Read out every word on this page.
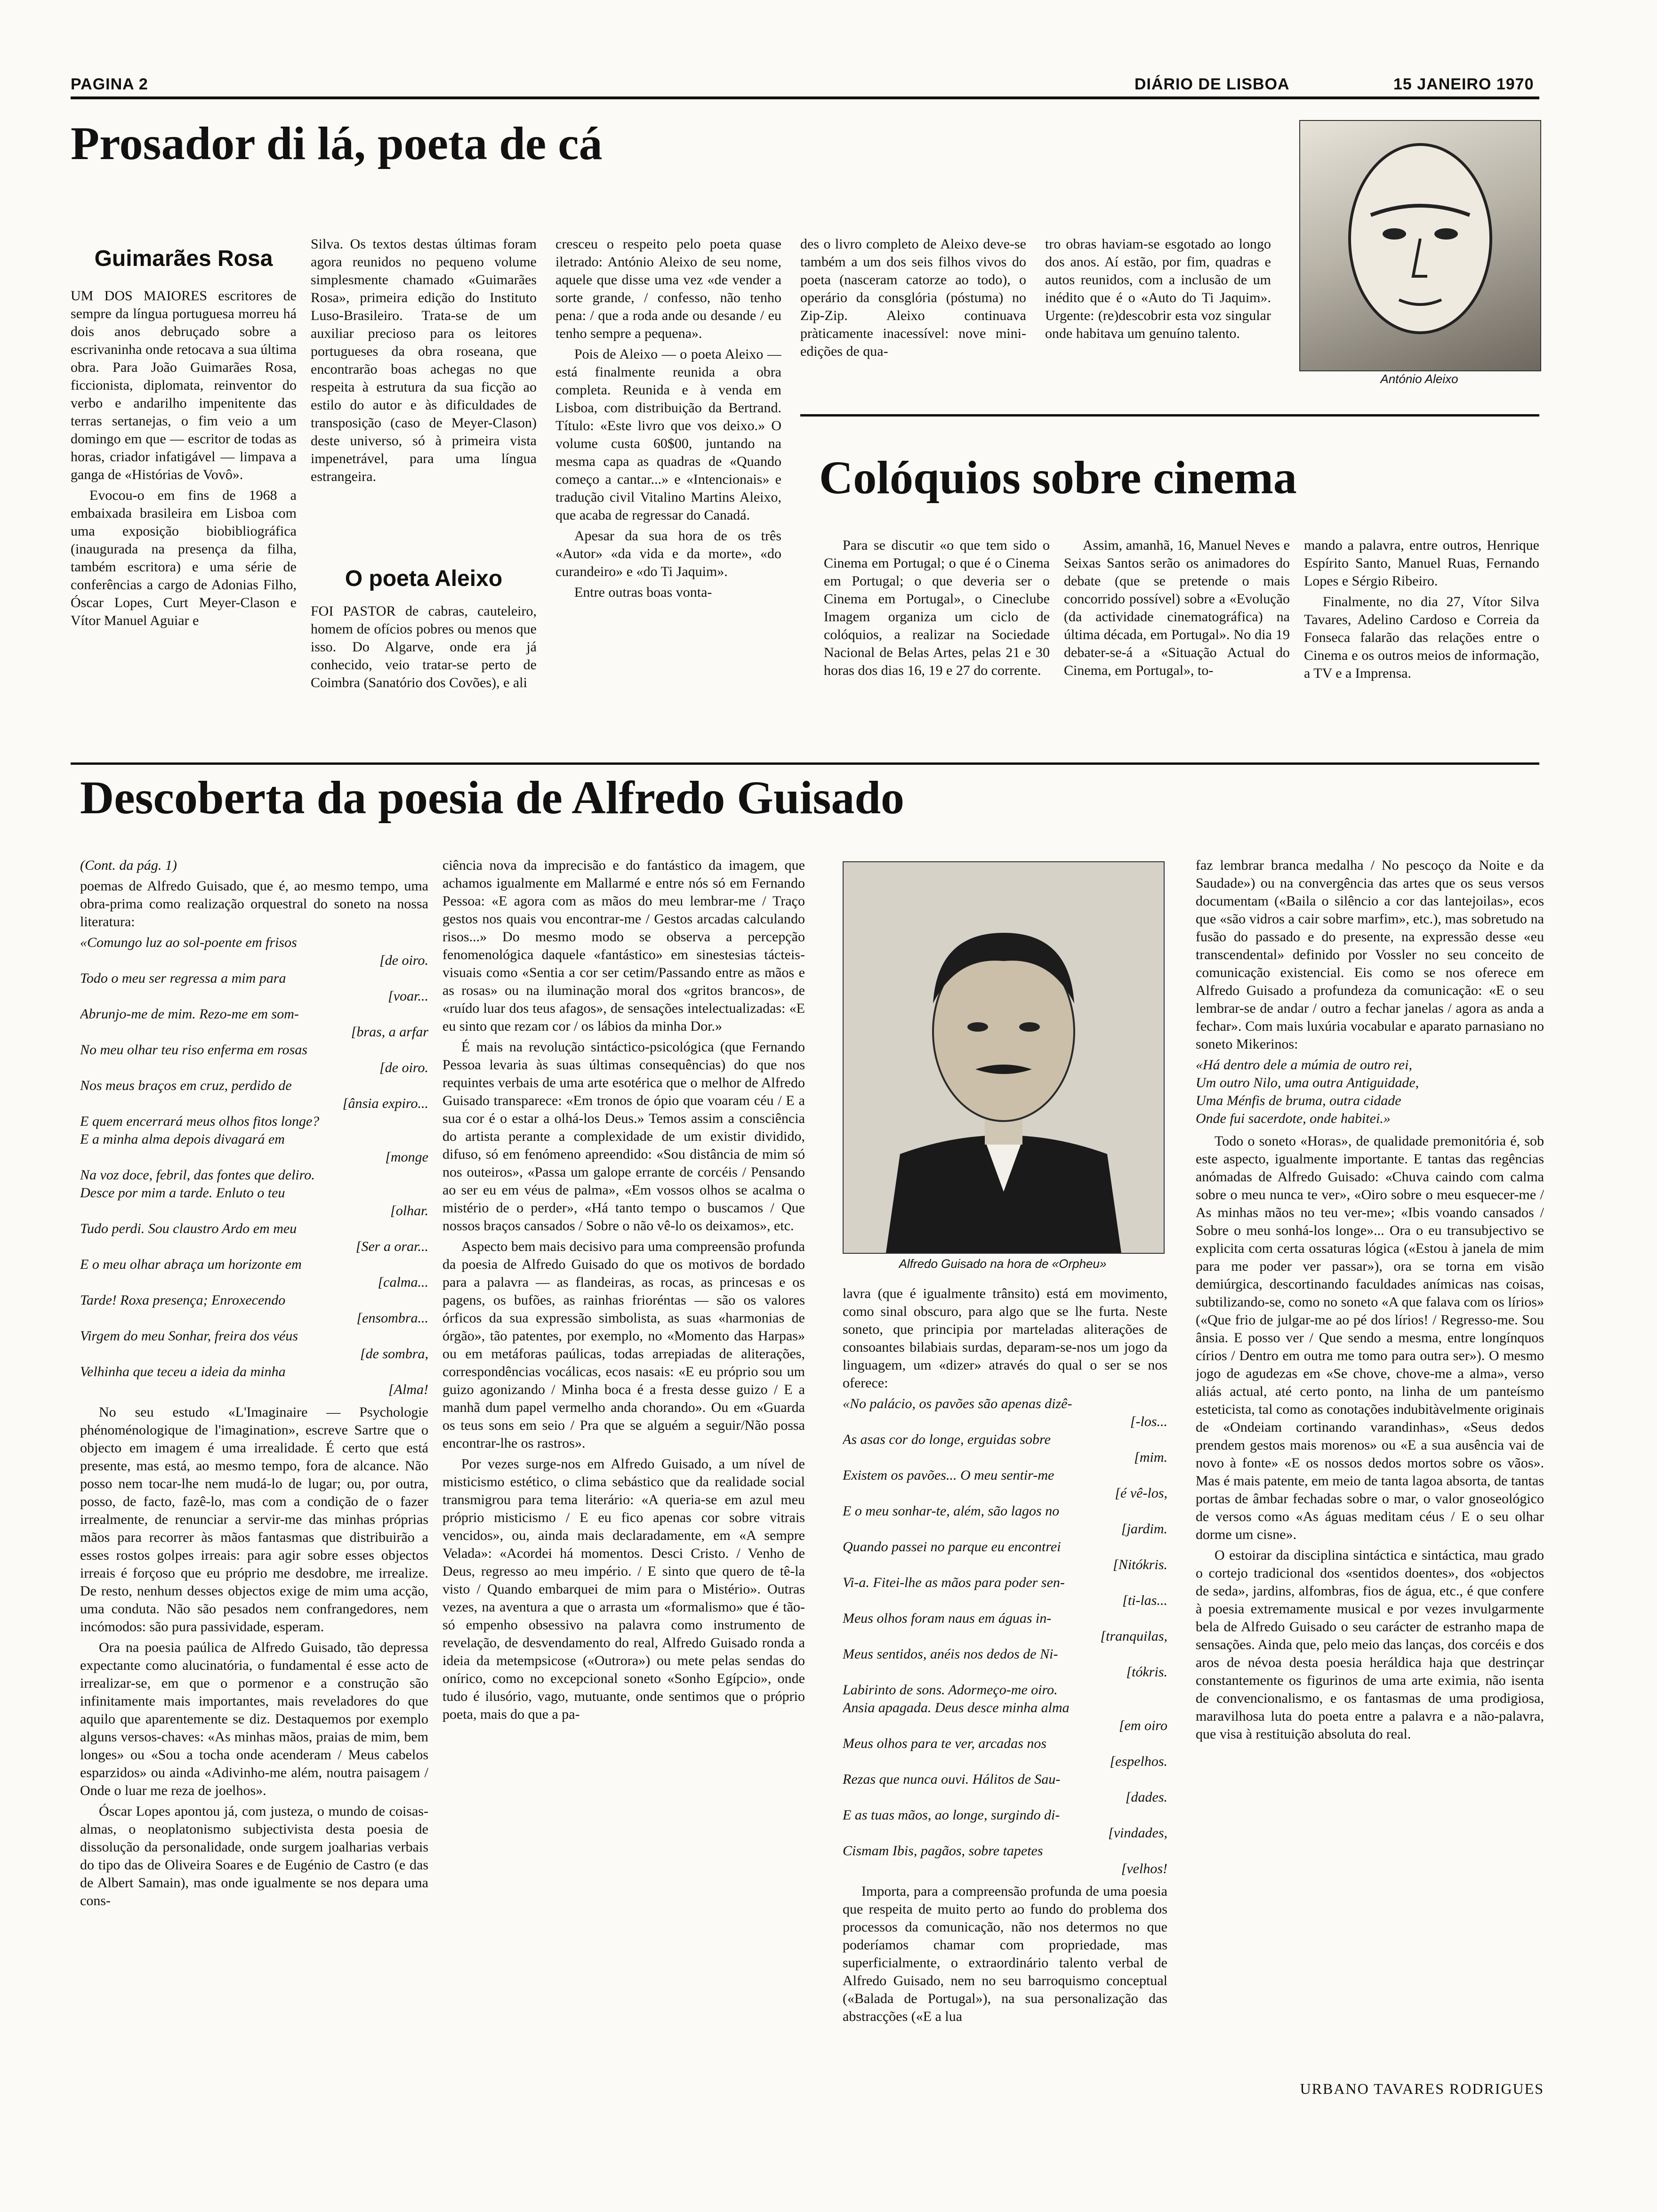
PAGINA 2	DIÁRIO DE LISBOA	15 JANEIRO 1970
Prosador di lá, poeta de cá
Guimarães Rosa

UM DOS MAIORES escritores de sempre da língua portuguesa morreu há dois anos debruçado sobre a escrivaninha onde retocava a sua última obra. Para João Guimarães Rosa, ficcionista, diplomata, reinventor do verbo e andarilho impenitente das terras sertanejas, o fim veio a um domingo em que — escritor de todas as horas, criador infatigável — limpava a ganga de «Histórias de Vovô».

Evocou-o em fins de 1968 a embaixada brasileira em Lisboa com uma exposição biobibliográfica (inaugurada na presença da filha, também escritora) e uma série de conferências a cargo de Adonias Filho, Óscar Lopes, Curt Meyer-Clason e Vítor Manuel Aguiar e

Silva. Os textos destas últimas foram agora reunidos no pequeno volume simplesmente chamado «Guimarães Rosa», primeira edição do Instituto Luso-Brasileiro. Trata-se de um auxiliar precioso para os leitores portugueses da obra roseana, que encontrarão boas achegas no que respeita à estrutura da sua ficção ao estilo do autor e às dificuldades de transposição (caso de Meyer-Clason) deste universo, só à primeira vista impenetrável, para uma língua estrangeira.

O poeta Aleixo

FOI PASTOR de cabras, cauteleiro, homem de ofícios pobres ou menos que isso. Do Algarve, onde era já conhecido, veio tratar-se perto de Coimbra (Sanatório dos Covões), e ali

cresceu o respeito pelo poeta quase iletrado: António Aleixo de seu nome, aquele que disse uma vez «de vender a sorte grande, / confesso, não tenho pena: / que a roda ande ou desande / eu tenho sempre a pequena».

Pois de Aleixo — o poeta Aleixo — está finalmente reunida a obra completa. Reunida e à venda em Lisboa, com distribuição da Bertrand. Título: «Este livro que vos deixo.» O volume custa 60$00, juntando na mesma capa as quadras de «Quando começo a cantar...» e «Intencionais» e tradução civil Vitalino Martins Aleixo, que acaba de regressar do Canadá.

Apesar da sua hora de os três «Autor» «da vida e da morte», «do curandeiro» e «do Ti Jaquim».

Entre outras boas vonta-

des o livro completo de Aleixo deve-se também a um dos seis filhos vivos do poeta (nasceram catorze ao todo), o operário da consglória (póstuma) no Zip-Zip. Aleixo continuava pràticamente inacessível: nove mini-edições de qua-

tro obras haviam-se esgotado ao longo dos anos. Aí estão, por fim, quadras e autos reunidos, com a inclusão de um inédito que é o «Auto do Ti Jaquim». Urgente: (re)descobrir esta voz singular onde habitava um genuíno talento.

António Aleixo
Colóquios sobre cinema

Para se discutir «o que tem sido o Cinema em Portugal; o que é o Cinema em Portugal; o que deveria ser o Cinema em Portugal», o Cineclube Imagem organiza um ciclo de colóquios, a realizar na Sociedade Nacional de Belas Artes, pelas 21 e 30 horas dos dias 16, 19 e 27 do corrente.

Assim, amanhã, 16, Manuel Neves e Seixas Santos serão os animadores do debate (que se pretende o mais concorrido possível) sobre a «Evolução (da actividade cinematográfica) na última década, em Portugal». No dia 19 debater-se-á a «Situação Actual do Cinema, em Portugal», to-

mando a palavra, entre outros, Henrique Espírito Santo, Manuel Ruas, Fernando Lopes e Sérgio Ribeiro.

Finalmente, no dia 27, Vítor Silva Tavares, Adelino Cardoso e Correia da Fonseca falarão das relações entre o Cinema e os outros meios de informação, a TV e a Imprensa.

Descoberta da poesia de Alfredo Guisado

(Cont. da pág. 1)

poemas de Alfredo Guisado, que é, ao mesmo tempo, uma obra-prima como realização orquestral do soneto na nossa literatura:

«Comungo luz ao sol-poente em frisos
[de oiro.
Todo o meu ser regressa a mim para
[voar...
Abrunjo-me de mim. Rezo-me em som-
[bras, a arfar
No meu olhar teu riso enferma em rosas
[de oiro.
Nos meus braços em cruz, perdido de
[ânsia expiro...
E quem encerrará meus olhos fitos longe?
E a minha alma depois divagará em
[monge
Na voz doce, febril, das fontes que deliro.
Desce por mim a tarde. Enluto o teu
[olhar.
Tudo perdi. Sou claustro Ardo em meu
[Ser a orar...
E o meu olhar abraça um horizonte em
[calma...
Tarde! Roxa presença; Enroxecendo
[ensombra...
Virgem do meu Sonhar, freira dos véus
[de sombra,
Velhinha que teceu a ideia da minha
[Alma!

No seu estudo «L'Imaginaire — Psychologie phénoménologique de l'imagination», escreve Sartre que o objecto em imagem é uma irrealidade. É certo que está presente, mas está, ao mesmo tempo, fora de alcance. Não posso nem tocar-lhe nem mudá-lo de lugar; ou, por outra, posso, de facto, fazê-lo, mas com a condição de o fazer irrealmente, de renunciar a servir-me das minhas próprias mãos para recorrer às mãos fantasmas que distribuirão a esses rostos golpes irreais: para agir sobre esses objectos irreais é forçoso que eu próprio me desdobre, me irrealize. De resto, nenhum desses objectos exige de mim uma acção, uma conduta. Não são pesados nem confrangedores, nem incómodos: são pura passividade, esperam.

Ora na poesia paúlica de Alfredo Guisado, tão depressa expectante como alucinatória, o fundamental é esse acto de irrealizar-se, em que o pormenor e a construção são infinitamente mais importantes, mais reveladores do que aquilo que aparentemente se diz. Destaquemos por exemplo alguns versos-chaves: «As minhas mãos, praias de mim, bem longes» ou «Sou a tocha onde acenderam / Meus cabelos esparzidos» ou ainda «Adivinho-me além, noutra paisagem / Onde o luar me reza de joelhos».

Óscar Lopes apontou já, com justeza, o mundo de coisas-almas, o neoplatonismo subjectivista desta poesia de dissolução da personalidade, onde surgem joalharias verbais do tipo das de Oliveira Soares e de Eugénio de Castro (e das de Albert Samain), mas onde igualmente se nos depara uma cons-

ciência nova da imprecisão e do fantástico da imagem, que achamos igualmente em Mallarmé e entre nós só em Fernando Pessoa: «E agora com as mãos do meu lembrar-me / Traço gestos nos quais vou encontrar-me / Gestos arcadas calculando risos...» Do mesmo modo se observa a percepção fenomenológica daquele «fantástico» em sinestesias tácteis-visuais como «Sentia a cor ser cetim/Passando entre as mãos e as rosas» ou na iluminação moral dos «gritos brancos», de «ruído luar dos teus afagos», de sensações intelectualizadas: «E eu sinto que rezam cor / os lábios da minha Dor.»

É mais na revolução sintáctico-psicológica (que Fernando Pessoa levaria às suas últimas consequências) do que nos requintes verbais de uma arte esotérica que o melhor de Alfredo Guisado transparece: «Em tronos de ópio que voaram céu / E a sua cor é o estar a olhá-los Deus.» Temos assim a consciência do artista perante a complexidade de um existir dividido, difuso, só em fenómeno apreendido: «Sou distância de mim só nos outeiros», «Passa um galope errante de corcéis / Pensando ao ser eu em véus de palma», «Em vossos olhos se acalma o mistério de o perder», «Há tanto tempo o buscamos / Que nossos braços cansados / Sobre o não vê-lo os deixamos», etc.

Aspecto bem mais decisivo para uma compreensão profunda da poesia de Alfredo Guisado do que os motivos de bordado para a palavra — as flandeiras, as rocas, as princesas e os pagens, os bufões, as rainhas frioréntas — são os valores órficos da sua expressão simbolista, as suas «harmonias de órgão», tão patentes, por exemplo, no «Momento das Harpas» ou em metáforas paúlicas, todas arrepiadas de aliterações, correspondências vocálicas, ecos nasais: «E eu próprio sou um guizo agonizando / Minha boca é a fresta desse guizo / E a manhã dum papel vermelho anda chorando». Ou em «Guarda os teus sons em seio / Pra que se alguém a seguir/Não possa encontrar-lhe os rastros».

Por vezes surge-nos em Alfredo Guisado, a um nível de misticismo estético, o clima sebástico que da realidade social transmigrou para tema literário: «A queria-se em azul meu próprio misticismo / E eu fico apenas cor sobre vitrais vencidos», ou, ainda mais declaradamente, em «A sempre Velada»: «Acordei há momentos. Desci Cristo. / Venho de Deus, regresso ao meu império. / E sinto que quero de tê-la visto / Quando embarquei de mim para o Mistério». Outras vezes, na aventura a que o arrasta um «formalismo» que é tão-só empenho obsessivo na palavra como instrumento de revelação, de desvendamento do real, Alfredo Guisado ronda a ideia da metempsicose («Outrora») ou mete pelas sendas do onírico, como no excepcional soneto «Sonho Egípcio», onde tudo é ilusório, vago, mutuante, onde sentimos que o próprio poeta, mais do que a pa-

Alfredo Guisado na hora de «Orpheu»

lavra (que é igualmente trânsito) está em movimento, como sinal obscuro, para algo que se lhe furta. Neste soneto, que principia por marteladas aliterações de consoantes bilabiais surdas, deparam-se-nos um jogo da linguagem, um «dizer» através do qual o ser se nos oferece:

«No palácio, os pavões são apenas dizê-
[-los...
As asas cor do longe, erguidas sobre
[mim.
Existem os pavões... O meu sentir-me
[é vê-los,
E o meu sonhar-te, além, são lagos no
[jardim.
Quando passei no parque eu encontrei
[Nitókris.
Vi-a. Fitei-lhe as mãos para poder sen-
[ti-las...
Meus olhos foram naus em águas in-
[tranquilas,
Meus sentidos, anéis nos dedos de Ni-
[tókris.
Labirinto de sons. Adormeço-me oiro.
Ansia apagada. Deus desce minha alma
[em oiro
Meus olhos para te ver, arcadas nos
[espelhos.
Rezas que nunca ouvi. Hálitos de Sau-
[dades.
E as tuas mãos, ao longe, surgindo di-
[vindades,
Cismam Ibis, pagãos, sobre tapetes
[velhos!

Importa, para a compreensão profunda de uma poesia que respeita de muito perto ao fundo do problema dos processos da comunicação, não nos determos no que poderíamos chamar com propriedade, mas superficialmente, o extraordinário talento verbal de Alfredo Guisado, nem no seu barroquismo conceptual («Balada de Portugal»), na sua personalização das abstracções («E a lua

faz lembrar branca medalha / No pescoço da Noite e da Saudade») ou na convergência das artes que os seus versos documentam («Baila o silêncio a cor das lantejoilas», ecos que «são vidros a cair sobre marfim», etc.), mas sobretudo na fusão do passado e do presente, na expressão desse «eu transcendental» definido por Vossler no seu conceito de comunicação existencial. Eis como se nos oferece em Alfredo Guisado a profundeza da comunicação: «E o seu lembrar-se de andar / outro a fechar janelas / agora as anda a fechar». Com mais luxúria vocabular e aparato parnasiano no soneto Mikerinos:

«Há dentro dele a múmia de outro rei,
Um outro Nilo, uma outra Antiguidade,
Uma Ménfis de bruma, outra cidade
Onde fui sacerdote, onde habitei.»

Todo o soneto «Horas», de qualidade premonitória é, sob este aspecto, igualmente importante. E tantas das regências anómadas de Alfredo Guisado: «Chuva caindo com calma sobre o meu nunca te ver», «Oiro sobre o meu esquecer-me / As minhas mãos no teu ver-me»; «Ibis voando cansados / Sobre o meu sonhá-los longe»... Ora o eu transubjectivo se explicita com certa ossaturas lógica («Estou à janela de mim para me poder ver passar»), ora se torna em visão demiúrgica, descortinando faculdades anímicas nas coisas, subtilizando-se, como no soneto «A que falava com os lírios» («Que frio de julgar-me ao pé dos lírios! / Regresso-me. Sou ânsia. E posso ver / Que sendo a mesma, entre longínquos círios / Dentro em outra me tomo para outra ser»). O mesmo jogo de agudezas em «Se chove, chove-me a alma», verso aliás actual, até certo ponto, na linha de um panteísmo esteticista, tal como as conotações indubitàvelmente originais de «Ondeiam cortinando varandinhas», «Seus dedos prendem gestos mais morenos» ou «E a sua ausência vai de novo à fonte» «E os nossos dedos mortos sobre os vãos». Mas é mais patente, em meio de tanta lagoa absorta, de tantas portas de âmbar fechadas sobre o mar, o valor gnoseológico de versos como «As águas meditam céus / E o seu olhar dorme um cisne».

O estoirar da disciplina sintáctica e sintáctica, mau grado o cortejo tradicional dos «sentidos doentes», dos «objectos de seda», jardins, alfombras, fios de água, etc., é que confere à poesia extremamente musical e por vezes invulgarmente bela de Alfredo Guisado o seu carácter de estranho mapa de sensações. Ainda que, pelo meio das lanças, dos corcéis e dos aros de névoa desta poesia heráldica haja que destrinçar constantemente os figurinos de uma arte eximia, não isenta de convencionalismo, e os fantasmas de uma prodigiosa, maravilhosa luta do poeta entre a palavra e a não-palavra, que visa à restituição absoluta do real.

URBANO TAVARES RODRIGUES
